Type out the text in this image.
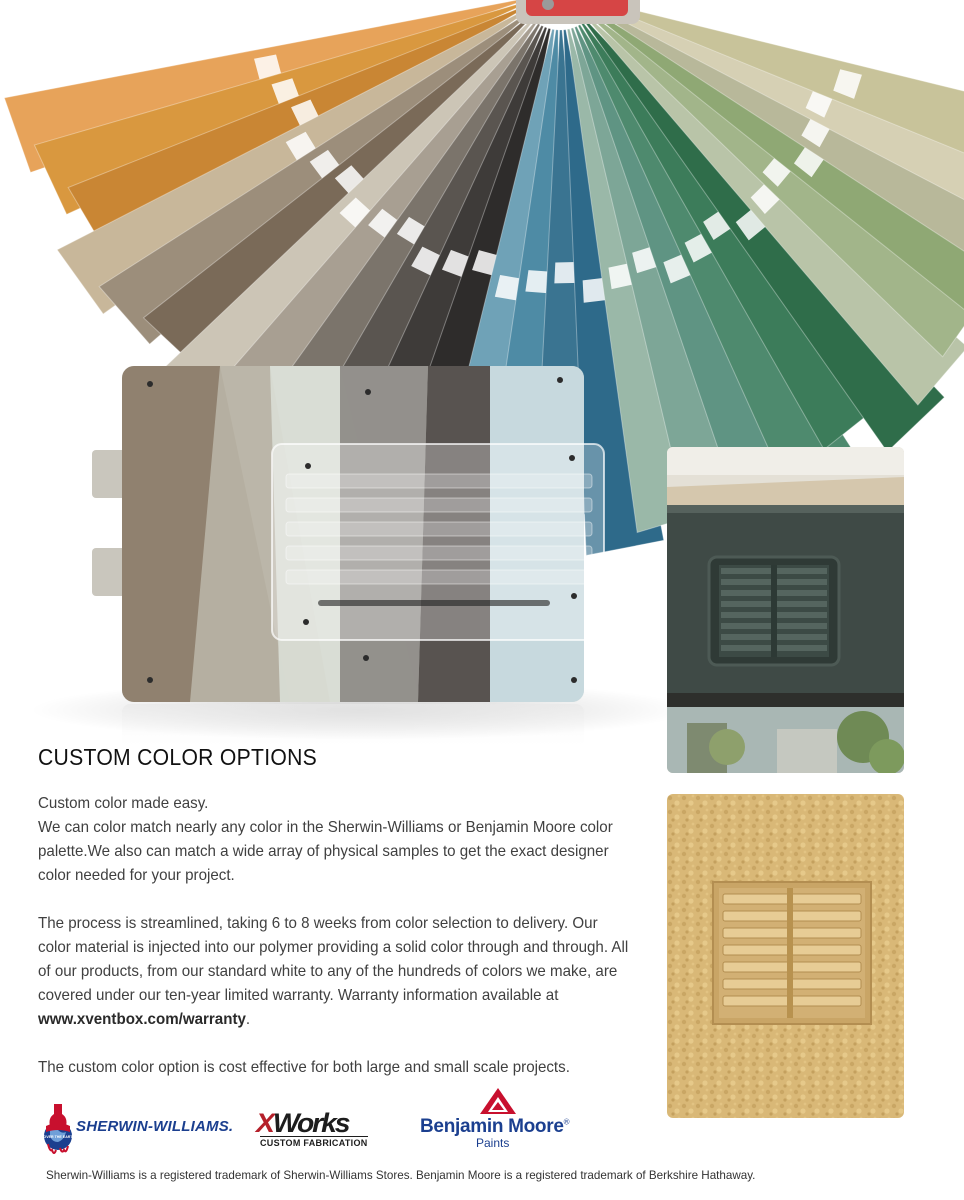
CUSTOM COLOR OPTIONS

Custom color made easy.
We can color match nearly any color in the Sherwin-Williams or Benjamin Moore color palette.We also can match a wide array of physical samples to get the exact designer color needed for your project.

The process is streamlined, taking 6 to 8 weeks from color selection to delivery. Our color material is injected into our polymer providing a solid color through and through. All of our products, from our standard white to any of the hundreds of colors we make, are covered under our ten-year limited warranty. Warranty information available at www.xventbox.com/warranty.

The custom color option is cost effective for both large and small scale projects.

COVER THE EARTH
SHERWIN-WILLIAMS. XWorks
CUSTOM FABRICATION
Benjamin Moore®
Paints
Sherwin-Williams is a registered trademark of Sherwin-Williams Stores. Benjamin Moore is a registered trademark of Berkshire Hathaway.
